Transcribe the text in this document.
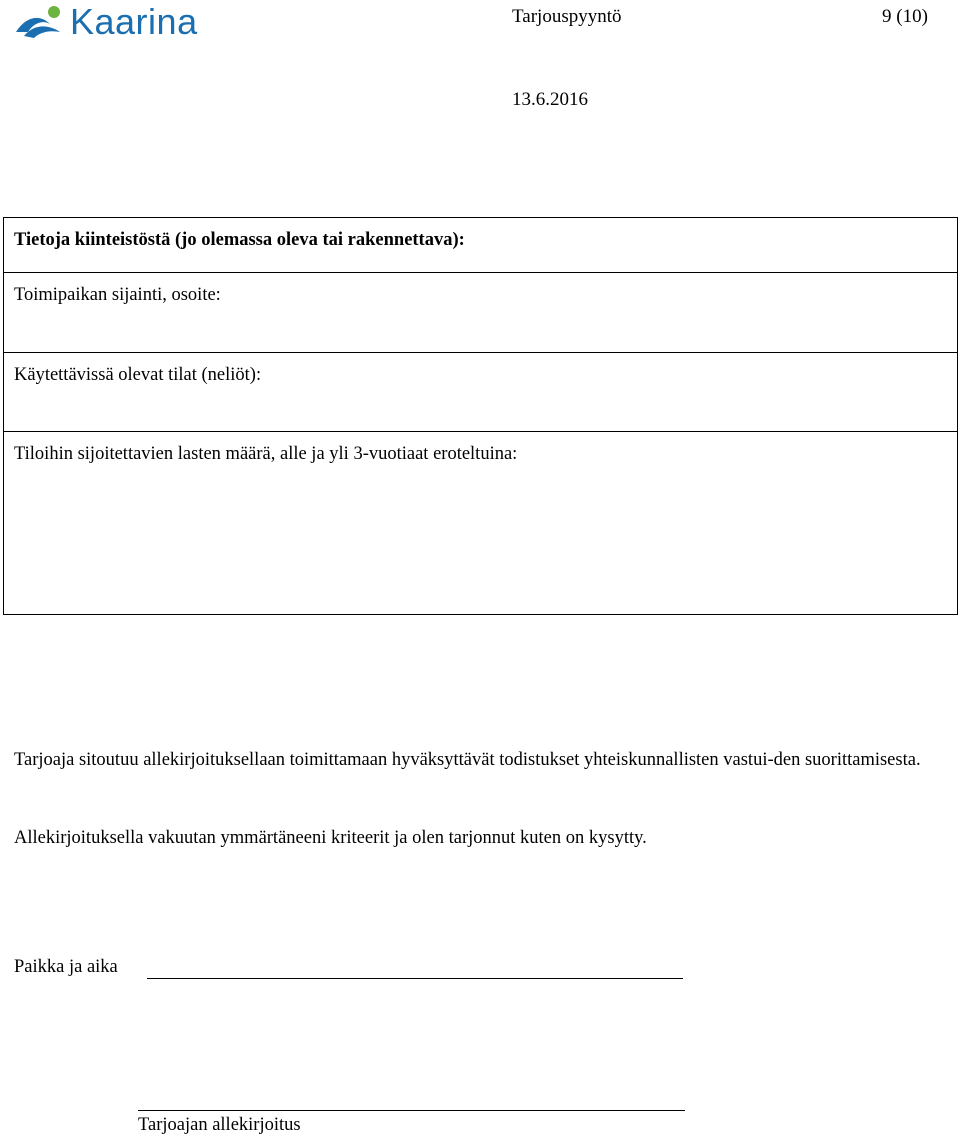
Kaarina	Tarjouspyyntö	9 (10)
13.6.2016
Tietoja kiinteistöstä (jo olemassa oleva tai rakennettava):
Toimipaikan sijainti, osoite:
Käytettävissä olevat tilat (neliöt):
Tiloihin sijoitettavien lasten määrä, alle ja yli 3-vuotiaat eroteltuina:

Tarjoaja sitoutuu allekirjoituksellaan toimittamaan hyväksyttävät todistukset yhteiskunnallisten vastui-den suorittamisesta.

Allekirjoituksella vakuutan ymmärtäneeni kriteerit ja olen tarjonnut kuten on kysytty.

Paikka ja aika
Tarjoajan allekirjoitus
